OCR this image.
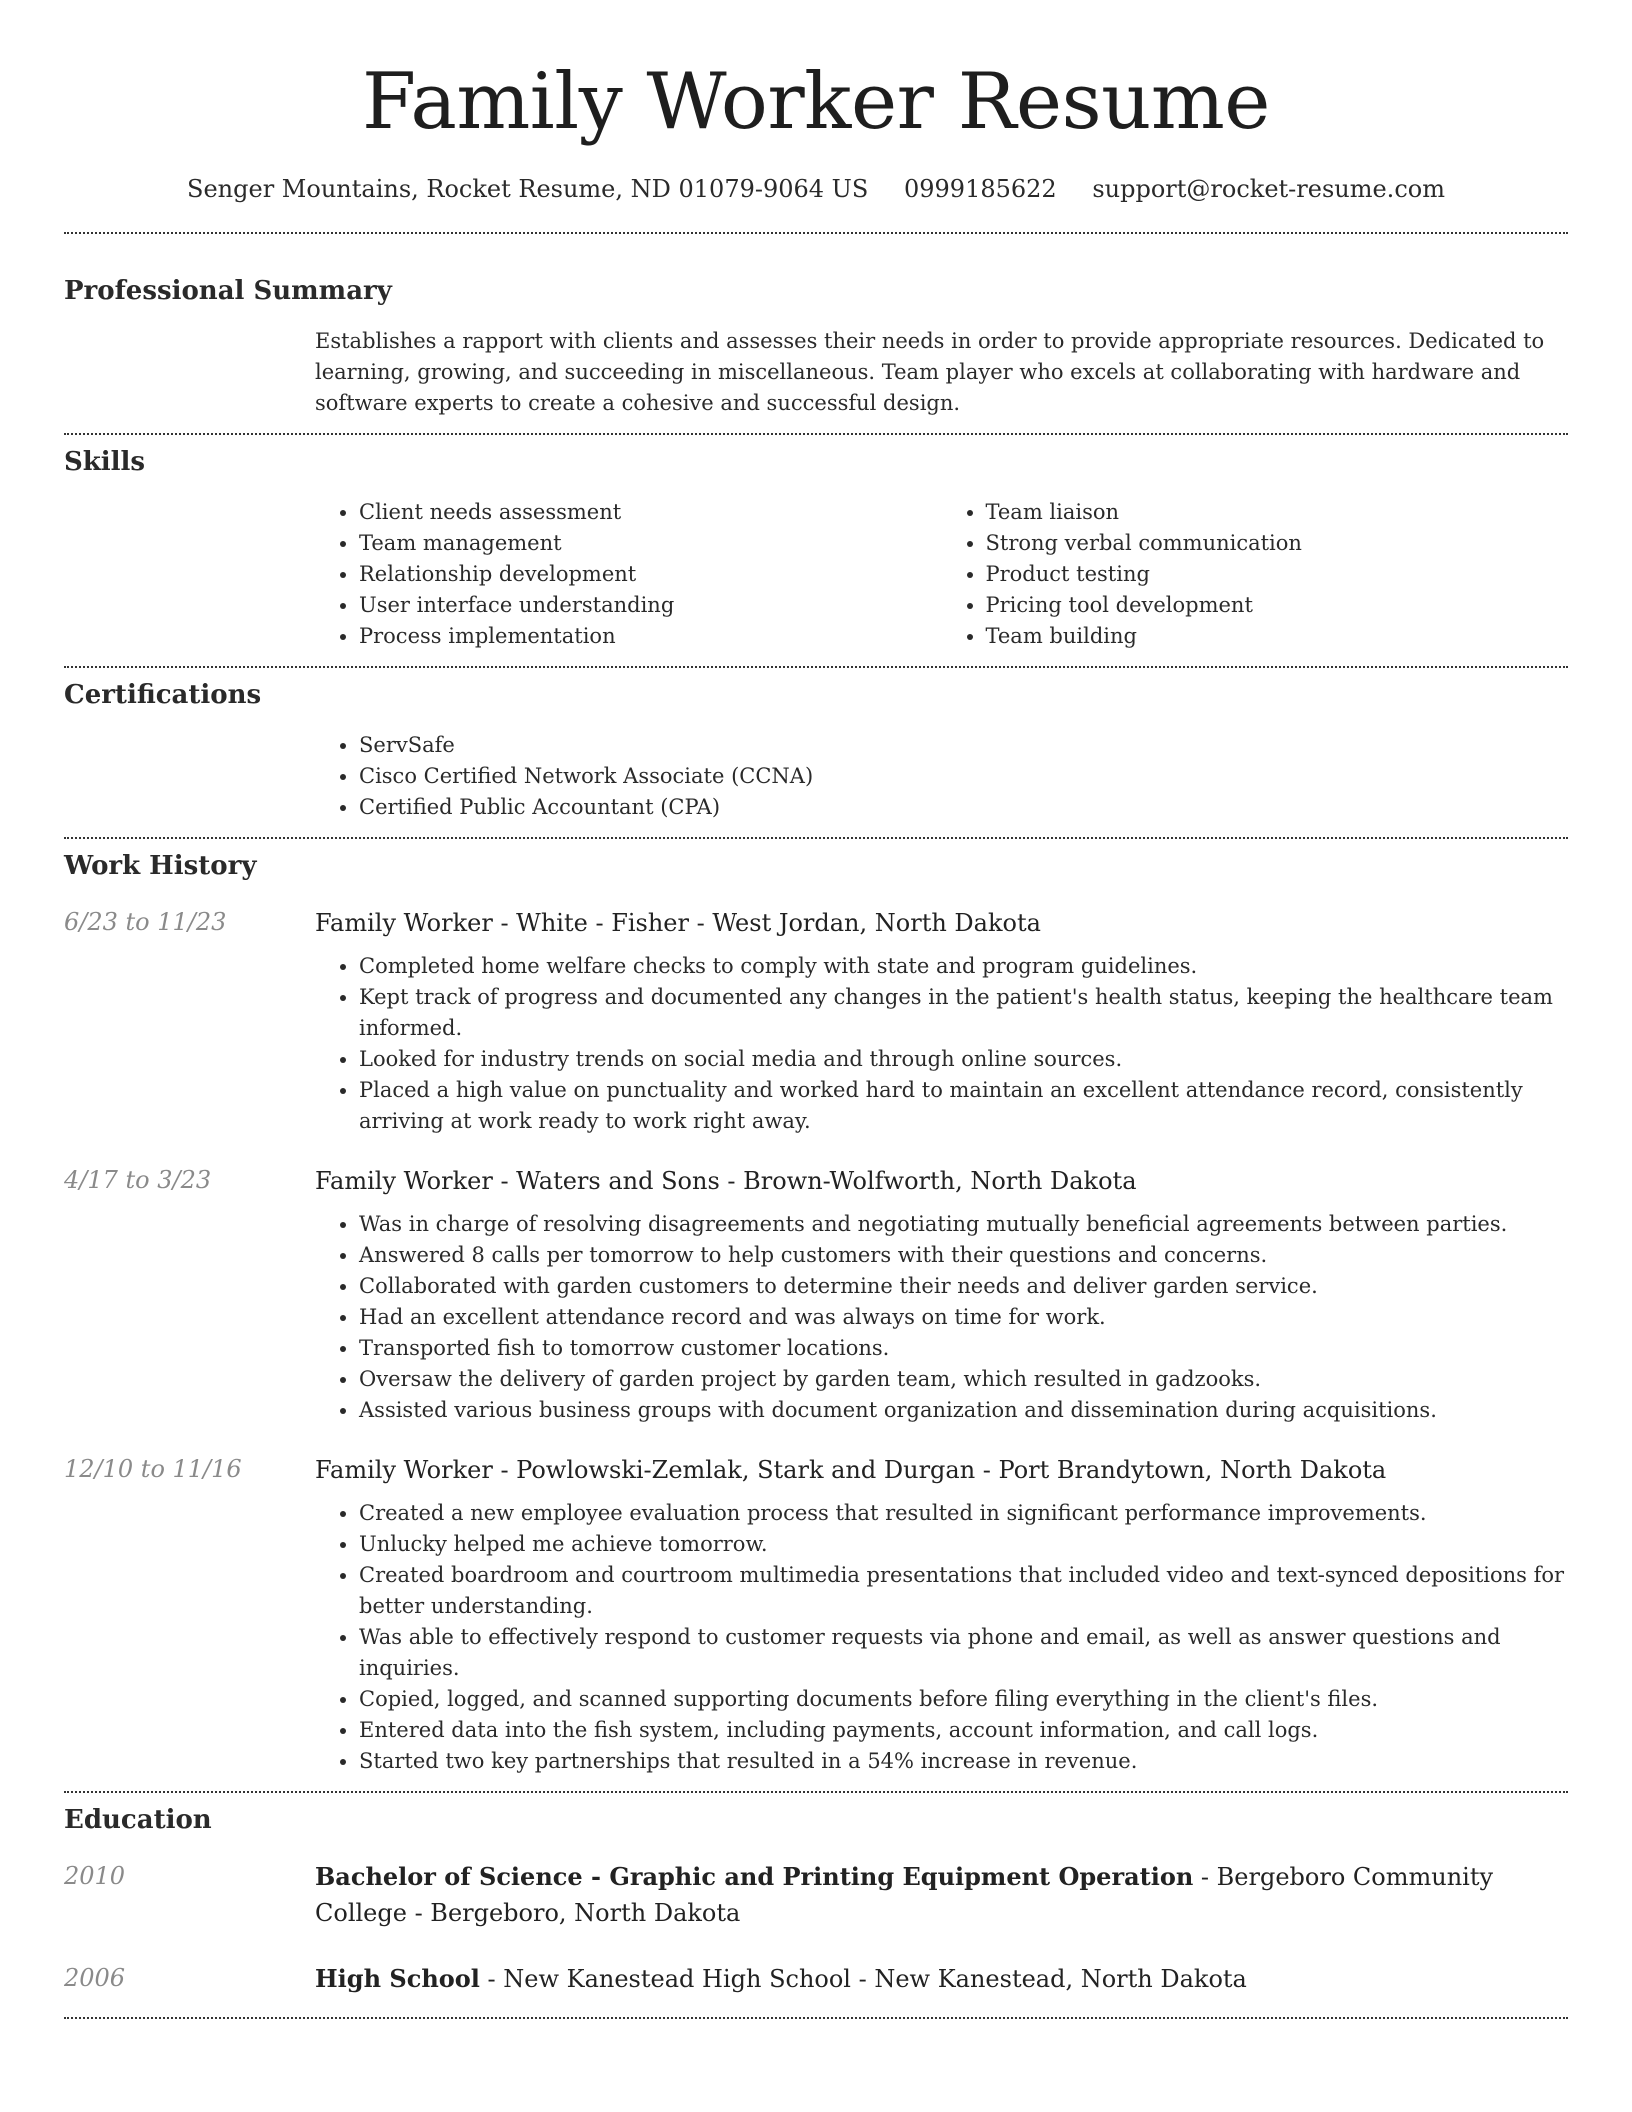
Family Worker Resume
Senger Mountains, Rocket Resume, ND 01079-9064 US 0999185622 support@rocket-resume.com
Professional Summary
Establishes a rapport with clients and assesses their needs in order to provide appropriate resources. Dedicated to learning, growing, and succeeding in miscellaneous. Team player who excels at collaborating with hardware and software experts to create a cohesive and successful design.
Skills
• Client needs assessment
• Team management
• Relationship development
• User interface understanding
• Process implementation
• Team liaison
• Strong verbal communication
• Product testing
• Pricing tool development
• Team building
Certifications
• ServSafe
• Cisco Certified Network Associate (CCNA)
• Certified Public Accountant (CPA)
Work History
6/23 to 11/23	Family Worker - White - Fisher - West Jordan, North Dakota
• Completed home welfare checks to comply with state and program guidelines.
• Kept track of progress and documented any changes in the patient's health status, keeping the healthcare team informed.
• Looked for industry trends on social media and through online sources.
• Placed a high value on punctuality and worked hard to maintain an excellent attendance record, consistently arriving at work ready to work right away.
4/17 to 3/23	Family Worker - Waters and Sons - Brown-Wolfworth, North Dakota
• Was in charge of resolving disagreements and negotiating mutually beneficial agreements between parties.
• Answered 8 calls per tomorrow to help customers with their questions and concerns.
• Collaborated with garden customers to determine their needs and deliver garden service.
• Had an excellent attendance record and was always on time for work.
• Transported fish to tomorrow customer locations.
• Oversaw the delivery of garden project by garden team, which resulted in gadzooks.
• Assisted various business groups with document organization and dissemination during acquisitions.
12/10 to 11/16	Family Worker - Powlowski-Zemlak, Stark and Durgan - Port Brandytown, North Dakota
• Created a new employee evaluation process that resulted in significant performance improvements.
• Unlucky helped me achieve tomorrow.
• Created boardroom and courtroom multimedia presentations that included video and text-synced depositions for better understanding.
• Was able to effectively respond to customer requests via phone and email, as well as answer questions and inquiries.
• Copied, logged, and scanned supporting documents before filing everything in the client's files.
• Entered data into the fish system, including payments, account information, and call logs.
• Started two key partnerships that resulted in a 54% increase in revenue.
Education
2010	Bachelor of Science - Graphic and Printing Equipment Operation - Bergeboro Community College - Bergeboro, North Dakota
2006	High School - New Kanestead High School - New Kanestead, North Dakota
